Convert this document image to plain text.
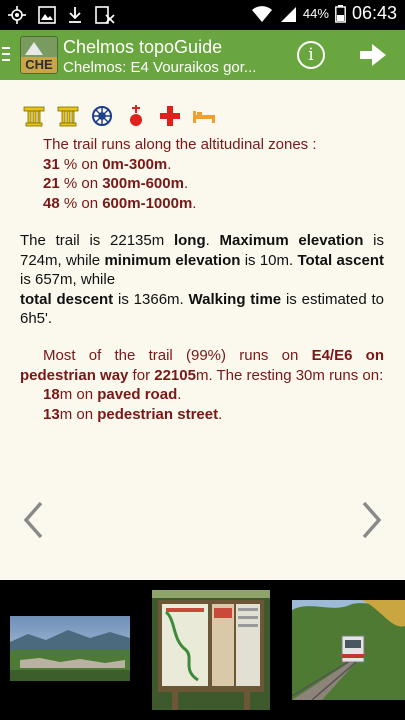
44% 06:43
CHE
Chelmos topoGuide
Chelmos: E4 Vouraikos gor...
i
The trail runs along the altitudinal zones :
31 % on 0m-300m.
21 % on 300m-600m.
48 % on 600m-1000m.
The trail is 22135m long. Maximum elevation is 724m, while minimum elevation is 10m. Total ascent is 657m, while
total descent is 1366m. Walking time is estimated to 6h5'.
Most of the trail (99%) runs on E4/E6 on pedestrian way for 22105m. The resting 30m runs on:
18m on paved road.
13m on pedestrian street.
